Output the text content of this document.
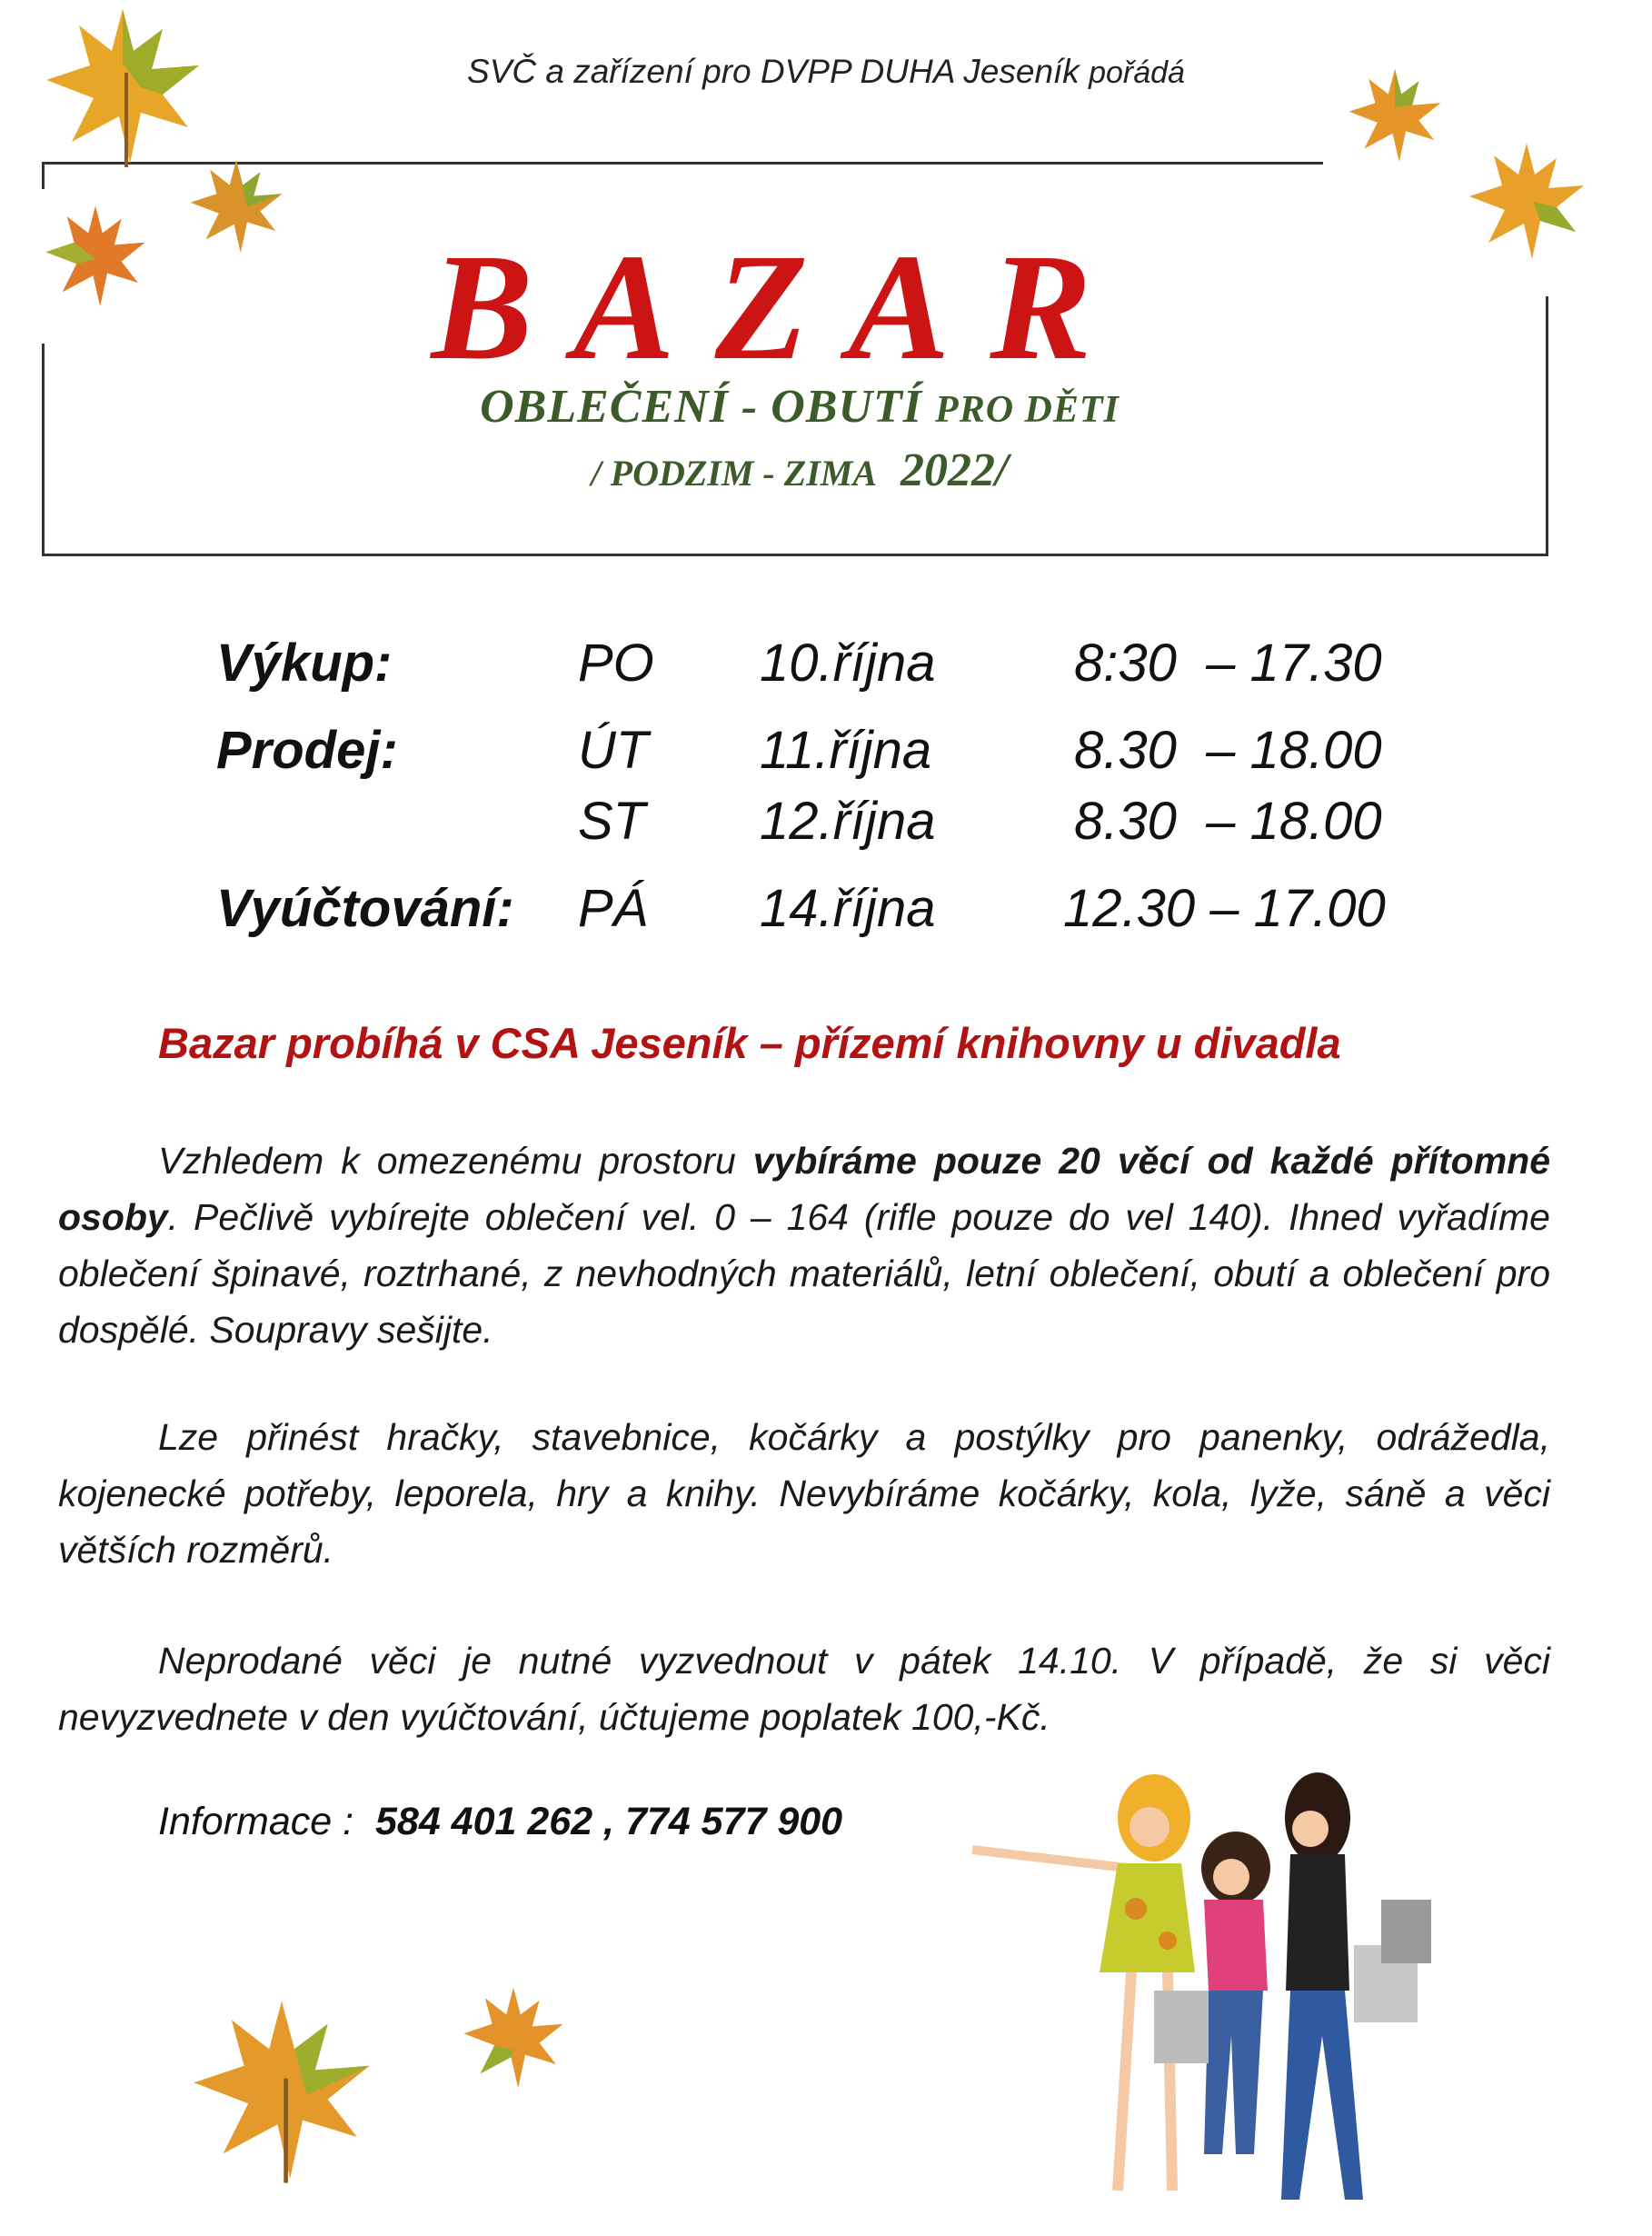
SVČ a zařízení pro DVPP DUHA Jeseník pořádá
BAZAR
OBLEČENÍ - OBUTÍ PRO DĚTI
/ PODZIM - ZIMA 2022/
Výkup:	PO 10.října	8:30  – 17.30
Prodej:	ÚT 11.října	8.30  – 18.00
ST 12.října	8.30  – 18.00
Vyúčtování: PÁ 14.října 12.30 – 17.00
Bazar probíhá v CSA Jeseník – přízemí knihovny u divadla
Vzhledem k omezenému prostoru vybíráme pouze 20 věcí od každé přítomné osoby. Pečlivě vybírejte oblečení vel. 0 – 164 (rifle pouze do vel 140). Ihned vyřadíme oblečení špinavé, roztrhané, z nevhodných materiálů, letní oblečení, obutí a oblečení pro dospělé. Soupravy sešijte.
Lze přinést hračky, stavebnice, kočárky a postýlky pro panenky, odrážedla, kojenecké potřeby, leporela, hry a knihy. Nevybíráme kočárky, kola, lyže, sáně a věci větších rozměrů.
Neprodané věci je nutné vyzvednout v pátek 14.10. V případě, že si věci nevyzvednete v den vyúčtování, účtujeme poplatek 100,-Kč.
Informace :  584 401 262 , 774 577 900
